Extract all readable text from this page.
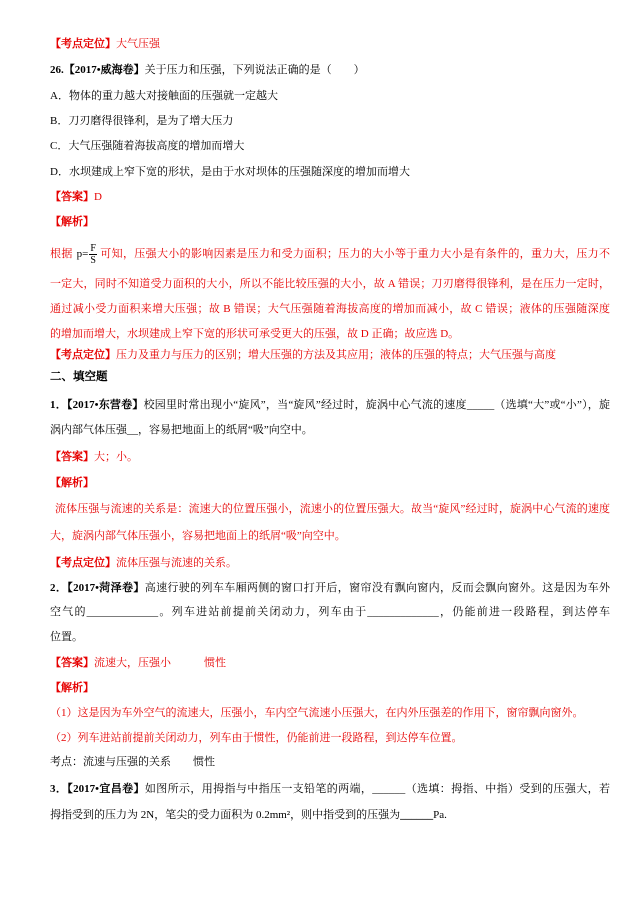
【考点定位】大气压强
26.【2017•威海卷】关于压力和压强，下列说法正确的是（　　）
A．物体的重力越大对接触面的压强就一定越大
B．刀刃磨得很锋利，是为了增大压力
C．大气压强随着海拔高度的增加而增大
D．水坝建成上窄下宽的形状，是由于水对坝体的压强随深度的增加而增大
【答案】D
【解析】
根据 $p= \frac{F}{S}$ 可知，压强大小的影响因素是压力和受力面积；压力的大小等于重力大小是有条件的，重力大，压力不
一定大，同时不知道受力面积的大小，所以不能比较压强的大小，故 A 错误；刀刃磨得很锋利，是在压力一定时，
通过减小受力面积来增大压强；故 B 错误；大气压强随着海拔高度的增加而减小，故 C 错误；液体的压强随深度
的增加而增大，水坝建成上窄下宽的形状可承受更大的压强，故 D 正确；故应选 D。
【考点定位】压力及重力与压力的区别；增大压强的方法及其应用；液体的压强的特点；大气压强与高度
二、填空题
1．【2017•东营卷】校园里时常出现小“旋风”，当“旋风”经过时，旋涡中心气流的速度_____（选填“大”或“小”），旋
涡内部气体压强__，容易把地面上的纸屑“吸”向空中。
【答案】大；小。
【解析】
流体压强与流速的关系是：流速大的位置压强小，流速小的位置压强大。故当“旋风”经过时，旋涡中心气流的速度
大，旋涡内部气体压强小，容易把地面上的纸屑“吸”向空中。
【考点定位】流体压强与流速的关系。
2．【2017•菏泽卷】高速行驶的列车车厢两侧的窗口打开后，窗帘没有飘向窗内，反而会飘向窗外。这是因为车外
空气的_____________。列车进站前提前关闭动力，列车由于_____________，仍能前进一段路程，到达停车
位置。
【答案】流速大，压强小　　　惯性
【解析】
（1）这是因为车外空气的流速大，压强小，车内空气流速小压强大，在内外压强差的作用下，窗帘飘向窗外。
（2）列车进站前提前关闭动力，列车由于惯性，仍能前进一段路程，到达停车位置。
考点：流速与压强的关系　　惯性
3．【2017•宜昌卷】如图所示，用拇指与中指压一支铅笔的两端，______（选填：拇指、中指）受到的压强大，若
拇指受到的压力为 2N，笔尖的受力面积为 0.2mm²，则中指受到的压强为______Pa.
